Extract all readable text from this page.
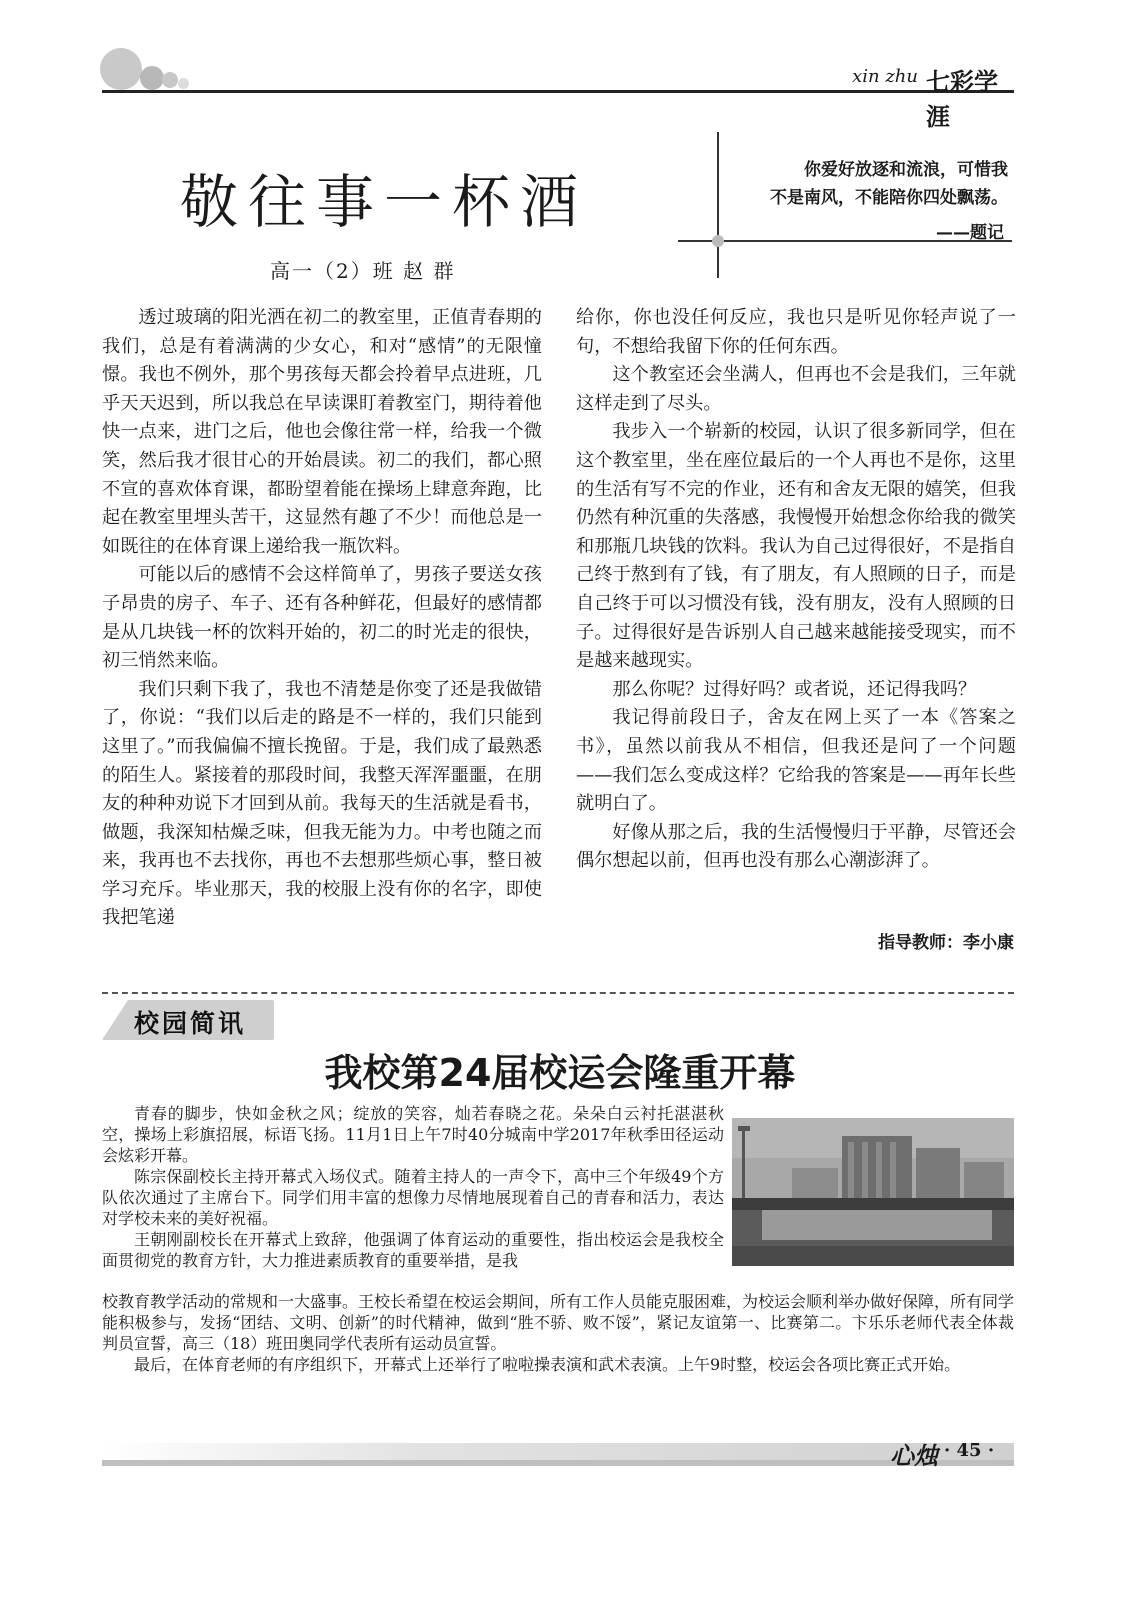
xin zhu 七彩学涯
敬往事一杯酒
高一（2）班 赵 群
你爱好放逐和流浪，可惜我
不是南风，不能陪你四处飘荡。
——题记

透过玻璃的阳光洒在初二的教室里，正值青春期的我们，总是有着满满的少女心，和对“感情”的无限憧憬。我也不例外，那个男孩每天都会拎着早点进班，几乎天天迟到，所以我总在早读课盯着教室门，期待着他快一点来，进门之后，他也会像往常一样，给我一个微笑，然后我才很甘心的开始晨读。初二的我们，都心照不宣的喜欢体育课，都盼望着能在操场上肆意奔跑，比起在教室里埋头苦干，这显然有趣了不少！而他总是一如既往的在体育课上递给我一瓶饮料。

可能以后的感情不会这样简单了，男孩子要送女孩子昂贵的房子、车子、还有各种鲜花，但最好的感情都是从几块钱一杯的饮料开始的，初二的时光走的很快，初三悄然来临。

我们只剩下我了，我也不清楚是你变了还是我做错了，你说：“我们以后走的路是不一样的，我们只能到这里了。”而我偏偏不擅长挽留。于是，我们成了最熟悉的陌生人。紧接着的那段时间，我整天浑浑噩噩，在朋友的种种劝说下才回到从前。我每天的生活就是看书，做题，我深知枯燥乏味，但我无能为力。中考也随之而来，我再也不去找你，再也不去想那些烦心事，整日被学习充斥。毕业那天，我的校服上没有你的名字，即使我把笔递

给你，你也没任何反应，我也只是听见你轻声说了一句，不想给我留下你的任何东西。

这个教室还会坐满人，但再也不会是我们，三年就这样走到了尽头。

我步入一个崭新的校园，认识了很多新同学，但在这个教室里，坐在座位最后的一个人再也不是你，这里的生活有写不完的作业，还有和舍友无限的嬉笑，但我仍然有种沉重的失落感，我慢慢开始想念你给我的微笑和那瓶几块钱的饮料。我认为自己过得很好，不是指自己终于熬到有了钱，有了朋友，有人照顾的日子，而是自己终于可以习惯没有钱，没有朋友，没有人照顾的日子。过得很好是告诉别人自己越来越能接受现实，而不是越来越现实。

那么你呢？过得好吗？或者说，还记得我吗？

我记得前段日子，舍友在网上买了一本《答案之书》，虽然以前我从不相信，但我还是问了一个问题——我们怎么变成这样？它给我的答案是——再年长些就明白了。

好像从那之后，我的生活慢慢归于平静，尽管还会偶尔想起以前，但再也没有那么心潮澎湃了。

指导教师：李小康
校园简讯
我校第24届校运会隆重开幕

青春的脚步，快如金秋之风；绽放的笑容，灿若春晓之花。朵朵白云衬托湛湛秋空，操场上彩旗招展，标语飞扬。11月1日上午7时40分城南中学2017年秋季田径运动会炫彩开幕。

陈宗保副校长主持开幕式入场仪式。随着主持人的一声令下，高中三个年级49个方队依次通过了主席台下。同学们用丰富的想像力尽情地展现着自己的青春和活力，表达对学校未来的美好祝福。

王朝刚副校长在开幕式上致辞，他强调了体育运动的重要性，指出校运会是我校全面贯彻党的教育方针，大力推进素质教育的重要举措，是我

校教育教学活动的常规和一大盛事。王校长希望在校运会期间，所有工作人员能克服困难，为校运会顺利举办做好保障，所有同学能积极参与，发扬“团结、文明、创新”的时代精神，做到“胜不骄、败不馁”，紧记友谊第一、比赛第二。卞乐乐老师代表全体裁判员宣誓，高三（18）班田奥同学代表所有运动员宣誓。

最后，在体育老师的有序组织下，开幕式上还举行了啦啦操表演和武术表演。上午9时整，校运会各项比赛正式开始。

心烛 · 45 ·
